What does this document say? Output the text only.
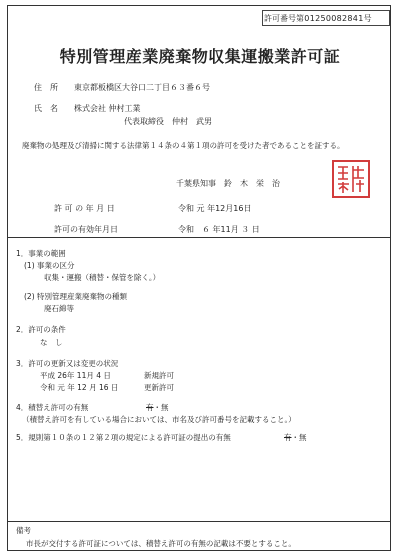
許可番号 第01250082841号
特別管理産業廃棄物収集運搬業許可証
住　所 東京都板橋区大谷口二丁目６３番６号
氏　名 株式会社 仲村工業
代表取締役　仲村　武男
廃棄物の処理及び清掃に関する法律第１４条の４第１項の許可を受けた者であることを証する。
千葉県知事　鈴　木　栄　治
許 可 の 年 月 日	令和 元 年12月16日
許可の有効年月日	令和　６ 年11月 ３ 日
1．事業の範囲
(1) 事業の区分
収集・運搬（積替・保管を除く。）
(2) 特別管理産業廃棄物の種類
廃石綿等
2．許可の条件
な　し
3．許可の更新又は変更の状況
平成 26年 11月 4 日	新規許可
令和 元 年 12 月 16 日	更新許可
4．積替え許可の有無	有・無
（積替え許可を有している場合においては、市名及び許可番号を記載すること。）
5．規則第１０条の１２第２項の規定による許可証の提出の有無	有・無
備考
市長が交付する許可証については、積替え許可の有無の記載は不要とすること。
